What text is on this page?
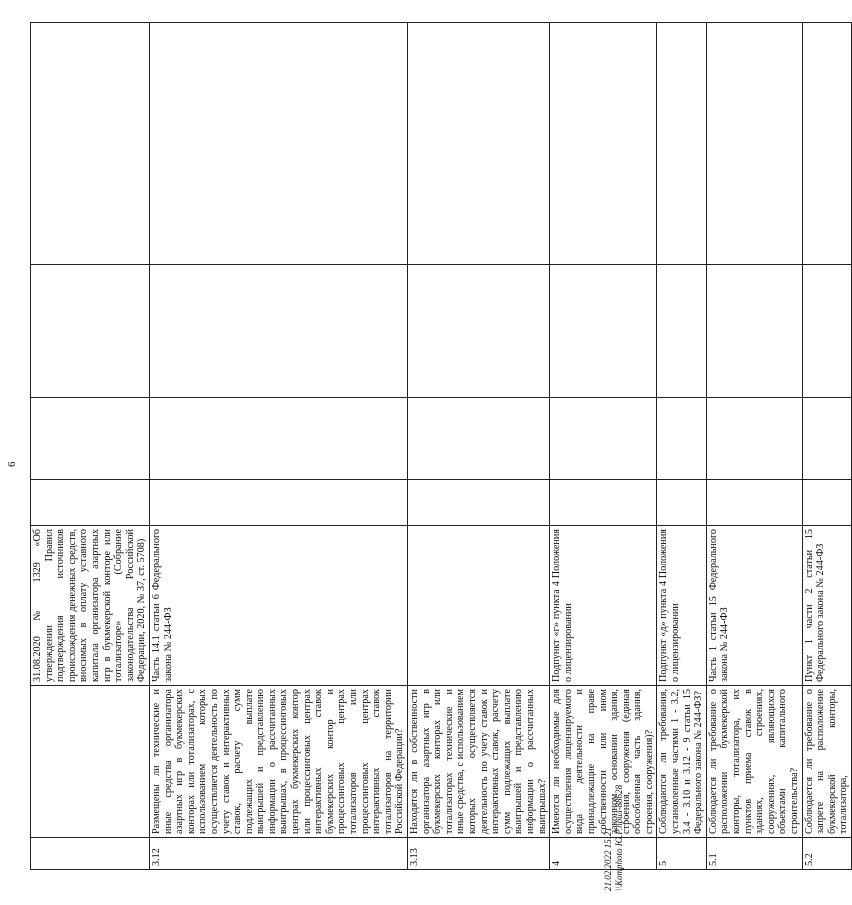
6
		31.08.2020 № 1329 «Об утверждении Правил подтверждения источников происхождения денежных средств, вносимых в оплату уставного капитала организатора азартных игр в букмекерской конторе или тотализаторе» (Собрание законодательства Российской Федерации, 2020, № 37, ст. 5708)				
3.12	Размещены ли технические и иные средства организатора азартных игр в букмекерских конторах или тотализаторах, с использованием которых осуществляется деятельность по учету ставок и интерактивных ставок, расчету сумм подлежащих выплате выигрышей и представлению информации о рассчитанных выигрышах, в процессинговых центрах букмекерских контор или процессинговых центрах интерактивных ставок букмекерских контор и процессинговых центрах тотализаторов или процессинговых центрах интерактивных ставок тотализаторов на территории Российской Федерации?	Часть 14.1 статьи 6 Федерального закона № 244-ФЗ				
3.13	Находятся ли в собственности организатора азартных игр в букмекерских конторах или тотализаторах технические и иные средства, с использованием которых осуществляется деятельность по учету ставок и интерактивных ставок, расчету сумм подлежащих выплате выигрышей и представлению информации о рассчитанных выигрышах?					
4	Имеются ли необходимые для осуществления лицензируемого вида деятельности и принадлежащие на праве собственности или ином законном основании здания, строения, сооружения (единая обособленная часть здания, строения, сооружения)?	Подпункт «г» пункта 4 Положения о лицензировании				
5	Соблюдаются ли требования, установленные частями 1 - 3.2, 3.4 - 3.10 и 3.12 - 9 статьи 15 Федерального закона № 244-ФЗ?	Подпункт «д» пункта 4 Положения о лицензировании				
5.1	Соблюдается ли требование о расположении букмекерской конторы, тотализатора, их пунктов приема ставок в зданиях, строениях, сооружениях, являющихся объектами капитального строительства?	Часть 1 статьи 15 Федерального закона № 244-ФЗ				
5.2	Соблюдается ли требование о запрете на расположение букмекерской конторы, тотализатора,	Пункт 1 части 2 статьи 15 Федерального закона № 244-ФЗ				
21.02.2022 15:21 \\Komphoto Ю.Р.прил-88628
